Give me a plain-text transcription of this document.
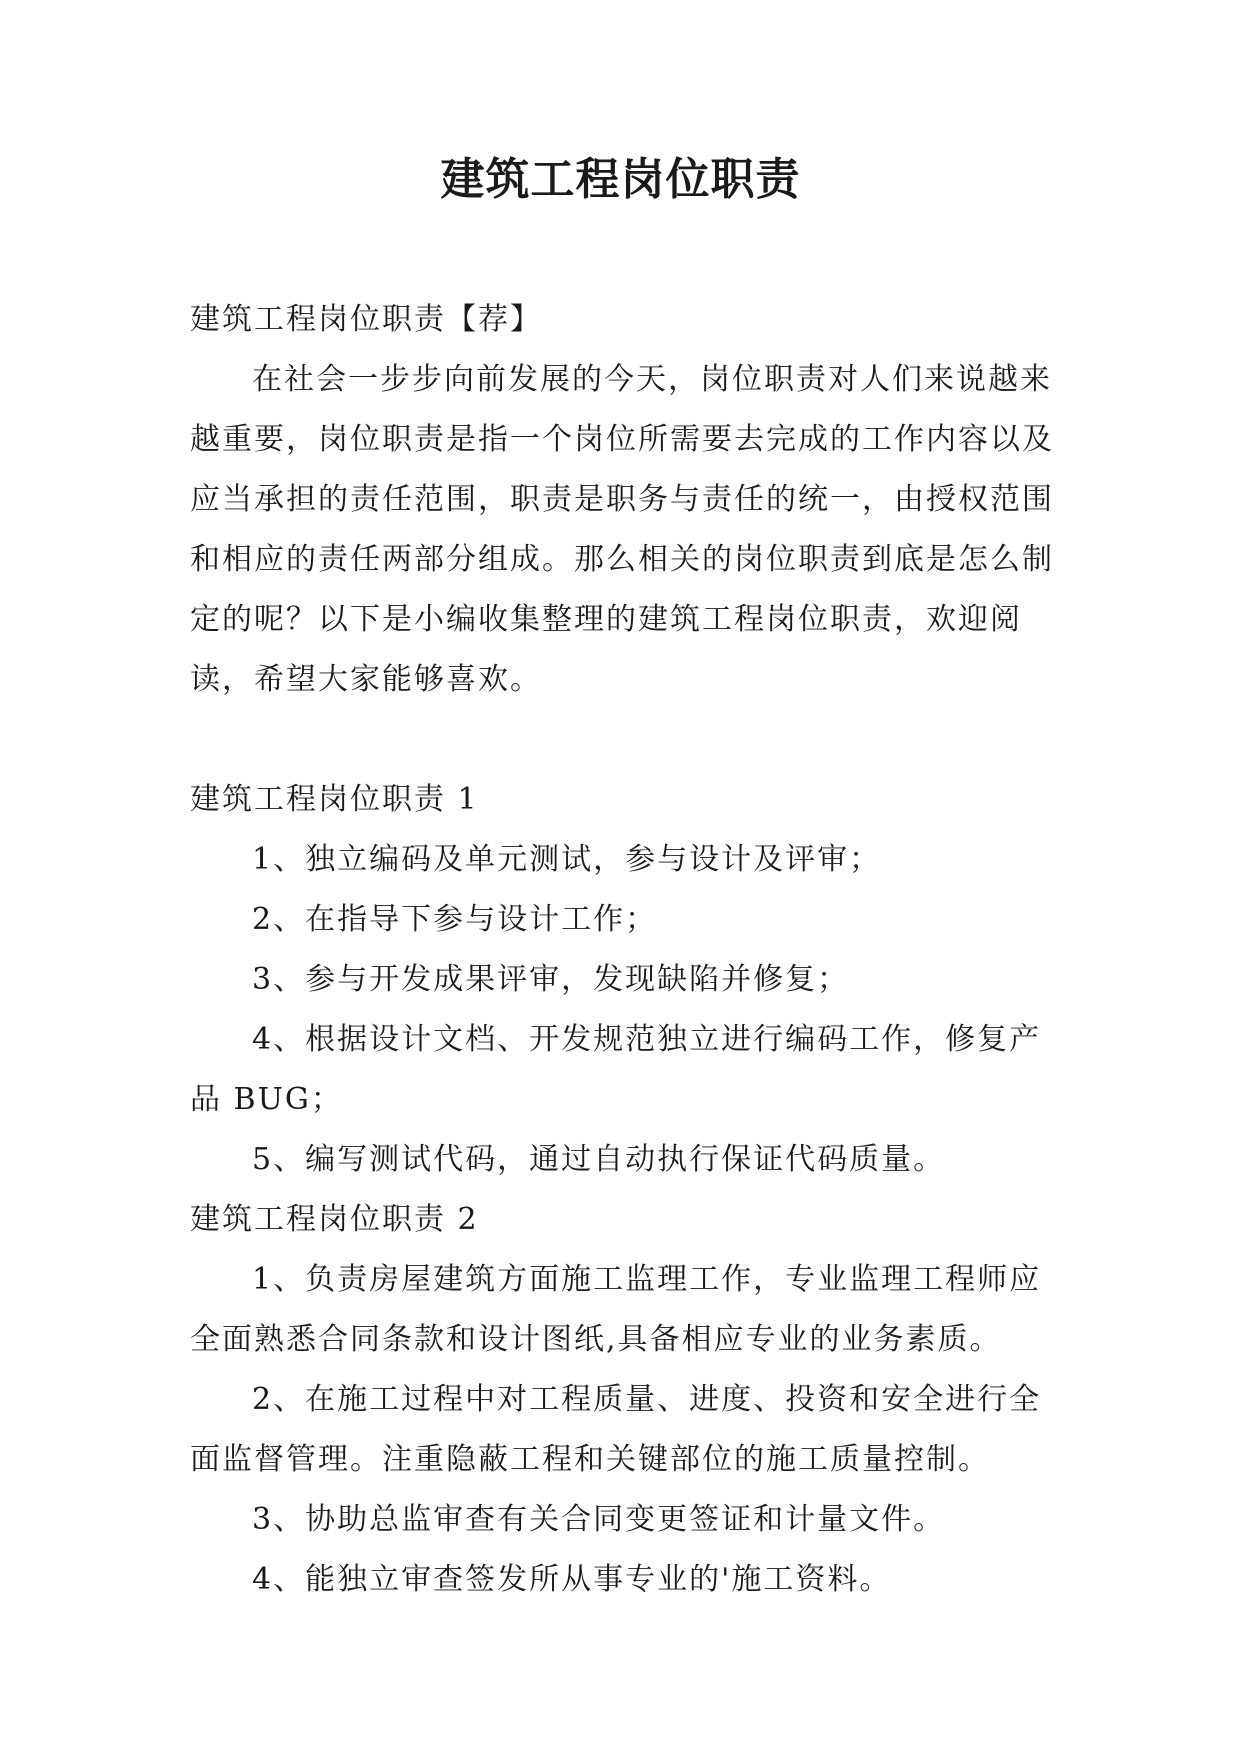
建筑工程岗位职责

建筑工程岗位职责【荐】

在社会一步步向前发展的今天，岗位职责对人们来说越来越重要，岗位职责是指一个岗位所需要去完成的工作内容以及应当承担的责任范围，职责是职务与责任的统一，由授权范围和相应的责任两部分组成。那么相关的岗位职责到底是怎么制定的呢？以下是小编收集整理的建筑工程岗位职责，欢迎阅读，希望大家能够喜欢。

建筑工程岗位职责 1

1、独立编码及单元测试，参与设计及评审；

2、在指导下参与设计工作；

3、参与开发成果评审，发现缺陷并修复；

4、根据设计文档、开发规范独立进行编码工作，修复产品 BUG；

5、编写测试代码，通过自动执行保证代码质量。

建筑工程岗位职责 2

1、负责房屋建筑方面施工监理工作，专业监理工程师应全面熟悉合同条款和设计图纸,具备相应专业的业务素质。

2、在施工过程中对工程质量、进度、投资和安全进行全面监督管理。注重隐蔽工程和关键部位的施工质量控制。

3、协助总监审查有关合同变更签证和计量文件。

4、能独立审查签发所从事专业的'施工资料。
